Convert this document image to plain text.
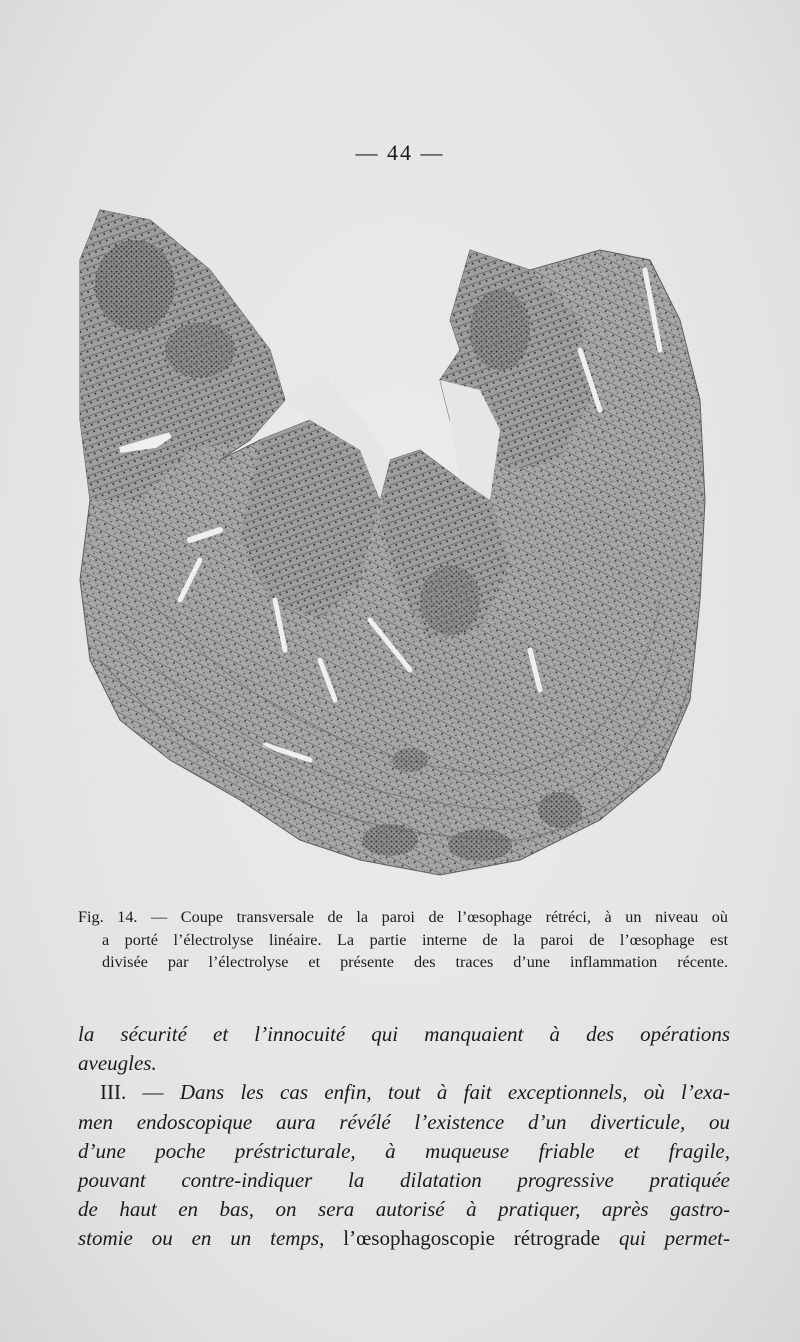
— 44 —
Fig. 14. — Coupe transversale de la paroi de l’œsophage rétréci, à un niveau où
a porté l’électrolyse linéaire. La partie interne de la paroi de l’œsophage est
divisée par l’électrolyse et présente des traces d’une inflammation récente.
la sécurité et l’innocuité qui manquaient à des opérations
aveugles.
III. — Dans les cas enfin, tout à fait exceptionnels, où l’exa-
men endoscopique aura révélé l’existence d’un diverticule, ou
d’une poche préstricturale, à muqueuse friable et fragile,
pouvant contre-indiquer la dilatation progressive pratiquée
de haut en bas, on sera autorisé à pratiquer, après gastro-
stomie ou en un temps, l’œsophagoscopie rétrograde qui permet-
